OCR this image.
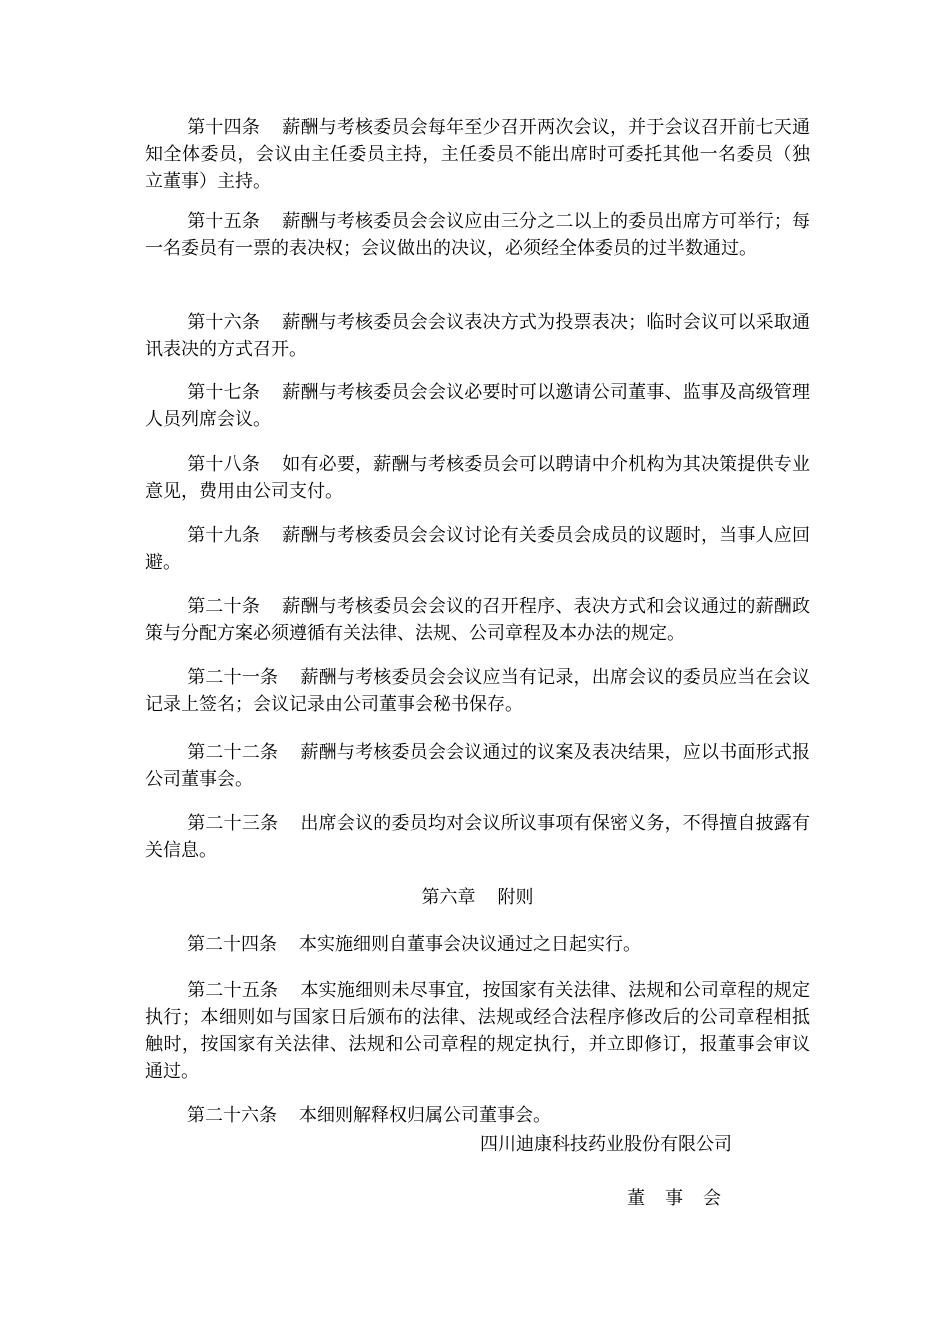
第十四条 薪酬与考核委员会每年至少召开两次会议，并于会议召开前七天通知全体委员，会议由主任委员主持，主任委员不能出席时可委托其他一名委员（独立董事）主持。
第十五条 薪酬与考核委员会会议应由三分之二以上的委员出席方可举行；每一名委员有一票的表决权；会议做出的决议，必须经全体委员的过半数通过。
第十六条 薪酬与考核委员会会议表决方式为投票表决；临时会议可以采取通讯表决的方式召开。
第十七条 薪酬与考核委员会会议必要时可以邀请公司董事、监事及高级管理人员列席会议。
第十八条 如有必要，薪酬与考核委员会可以聘请中介机构为其决策提供专业意见，费用由公司支付。
第十九条 薪酬与考核委员会会议讨论有关委员会成员的议题时，当事人应回避。
第二十条 薪酬与考核委员会会议的召开程序、表决方式和会议通过的薪酬政策与分配方案必须遵循有关法律、法规、公司章程及本办法的规定。
第二十一条 薪酬与考核委员会会议应当有记录，出席会议的委员应当在会议记录上签名；会议记录由公司董事会秘书保存。
第二十二条 薪酬与考核委员会会议通过的议案及表决结果，应以书面形式报公司董事会。
第二十三条 出席会议的委员均对会议所议事项有保密义务，不得擅自披露有关信息。
第六章 附则
第二十四条 本实施细则自董事会决议通过之日起实行。
第二十五条 本实施细则未尽事宜，按国家有关法律、法规和公司章程的规定执行；本细则如与国家日后颁布的法律、法规或经合法程序修改后的公司章程相抵触时，按国家有关法律、法规和公司章程的规定执行，并立即修订，报董事会审议通过。
第二十六条 本细则解释权归属公司董事会。
四川迪康科技药业股份有限公司
董事会
